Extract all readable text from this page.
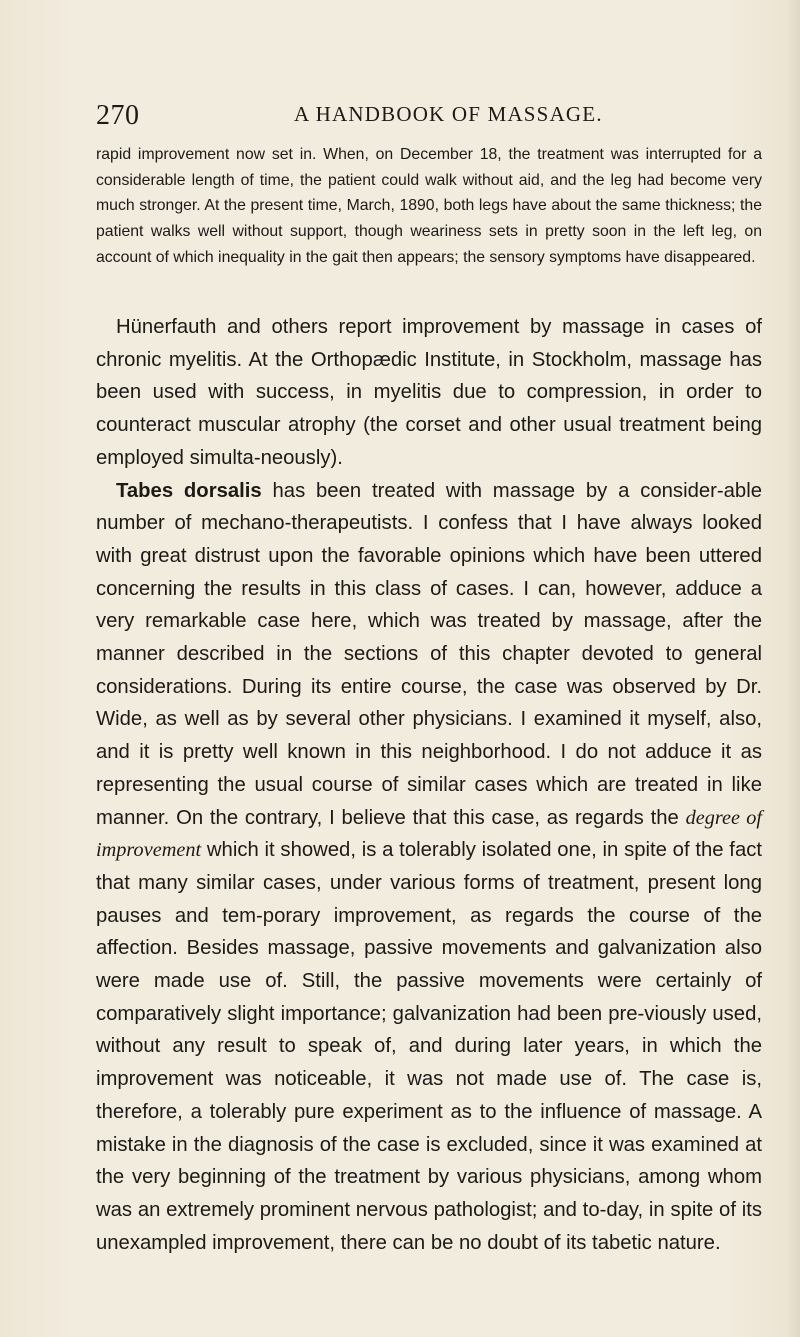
270	A HANDBOOK OF MASSAGE.

rapid improvement now set in. When, on December 18, the treatment was interrupted for a considerable length of time, the patient could walk without aid, and the leg had become very much stronger. At the present time, March, 1890, both legs have about the same thickness; the patient walks well without support, though weariness sets in pretty soon in the left leg, on account of which inequality in the gait then appears; the sensory symptoms have disappeared.

Hünerfauth and others report improvement by massage in cases of chronic myelitis. At the Orthopædic Institute, in Stockholm, massage has been used with success, in myelitis due to compression, in order to counteract muscular atrophy (the corset and other usual treatment being employed simulta-neously).

Tabes dorsalis has been treated with massage by a consider-able number of mechano-therapeutists. I confess that I have always looked with great distrust upon the favorable opinions which have been uttered concerning the results in this class of cases. I can, however, adduce a very remarkable case here, which was treated by massage, after the manner described in the sections of this chapter devoted to general considerations. During its entire course, the case was observed by Dr. Wide, as well as by several other physicians. I examined it myself, also, and it is pretty well known in this neighborhood. I do not adduce it as representing the usual course of similar cases which are treated in like manner. On the contrary, I believe that this case, as regards the degree of improvement which it showed, is a tolerably isolated one, in spite of the fact that many similar cases, under various forms of treatment, present long pauses and tem-porary improvement, as regards the course of the affection. Besides massage, passive movements and galvanization also were made use of. Still, the passive movements were certainly of comparatively slight importance; galvanization had been pre-viously used, without any result to speak of, and during later years, in which the improvement was noticeable, it was not made use of. The case is, therefore, a tolerably pure experiment as to the influence of massage. A mistake in the diagnosis of the case is excluded, since it was examined at the very beginning of the treatment by various physicians, among whom was an extremely prominent nervous pathologist; and to-day, in spite of its unexampled improvement, there can be no doubt of its tabetic nature.
